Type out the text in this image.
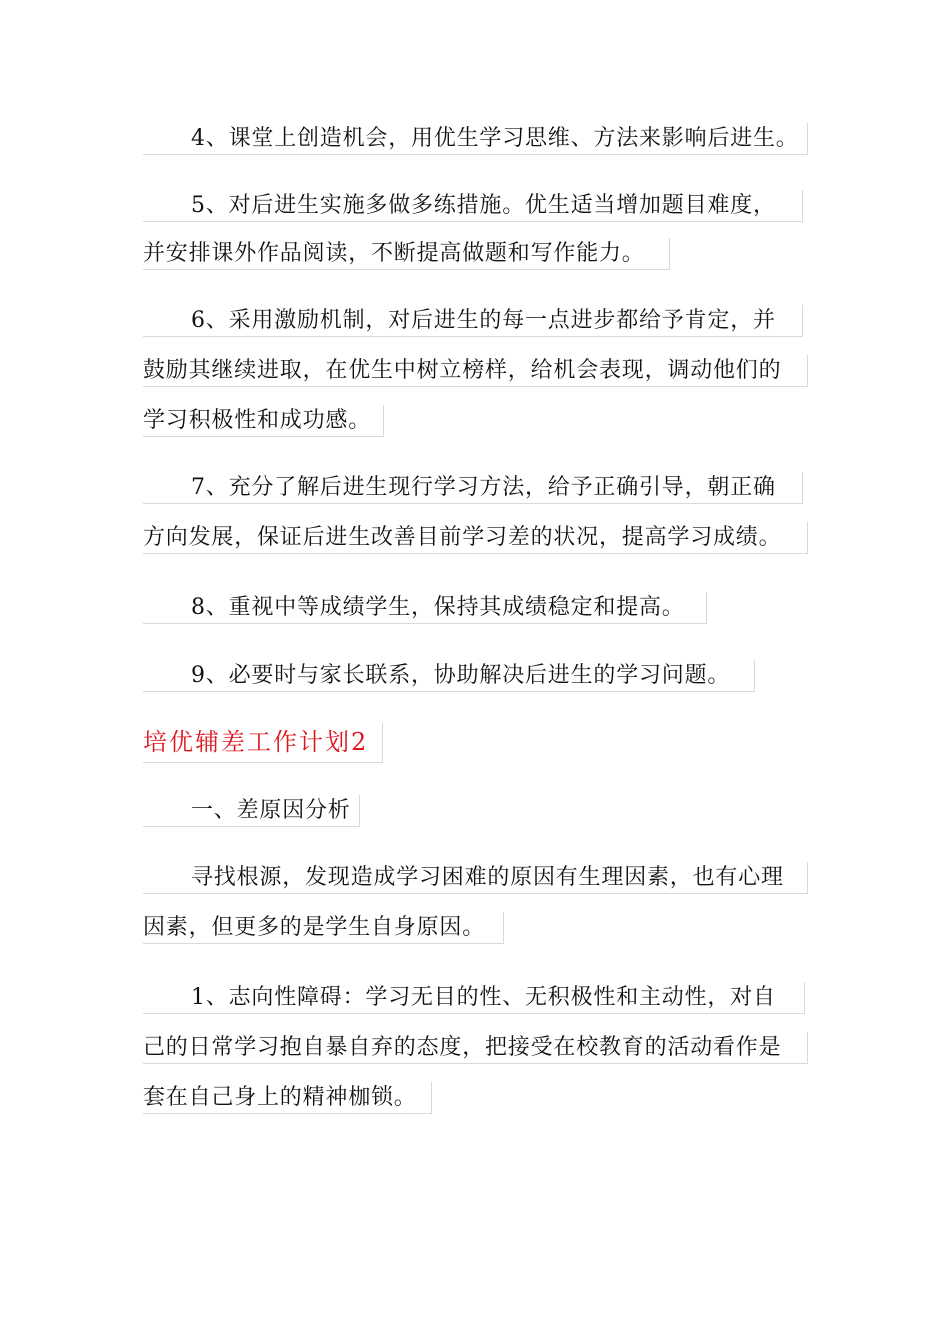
4、课堂上创造机会，用优生学习思维、方法来影响后进生。
5、对后进生实施多做多练措施。优生适当增加题目难度，
并安排课外作品阅读，不断提高做题和写作能力。
6、采用激励机制，对后进生的每一点进步都给予肯定，并
鼓励其继续进取，在优生中树立榜样，给机会表现，调动他们的
学习积极性和成功感。
7、充分了解后进生现行学习方法，给予正确引导，朝正确
方向发展，保证后进生改善目前学习差的状况，提高学习成绩。
8、重视中等成绩学生，保持其成绩稳定和提高。
9、必要时与家长联系，协助解决后进生的学习问题。
培优辅差工作计划2
一、差原因分析
寻找根源，发现造成学习困难的原因有生理因素，也有心理
因素，但更多的是学生自身原因。
1、志向性障碍：学习无目的性、无积极性和主动性，对自
己的日常学习抱自暴自弃的态度，把接受在校教育的活动看作是
套在自己身上的精神枷锁。
